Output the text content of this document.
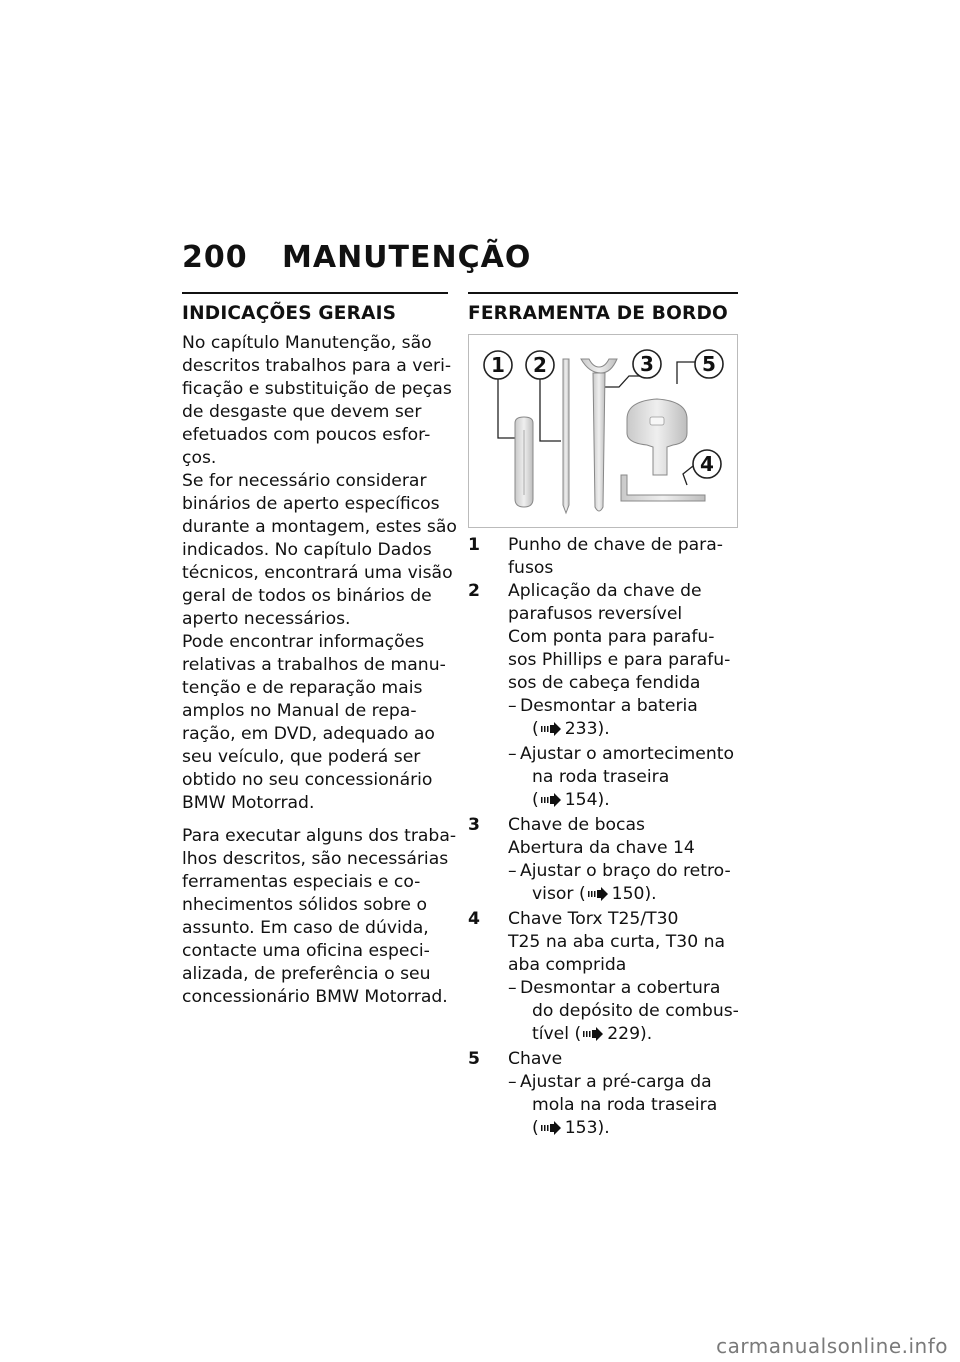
200 MANUTENÇÃO
INDICAÇÕES GERAIS

No capítulo Manutenção, são
descritos trabalhos para a veri-
ficação e substituição de peças
de desgaste que devem ser
efetuados com poucos esfor-
ços.

Se for necessário considerar
binários de aperto específicos
durante a montagem, estes são
indicados. No capítulo Dados
técnicos, encontrará uma visão
geral de todos os binários de
aperto necessários.

Pode encontrar informações
relativas a trabalhos de manu-
tenção e de reparação mais
amplos no Manual de repa-
ração, em DVD, adequado ao
seu veículo, que poderá ser
obtido no seu concessionário
BMW Motorrad.

Para executar alguns dos traba-
lhos descritos, são necessárias
ferramentas especiais e co-
nhecimentos sólidos sobre o
assunto. Em caso de dúvida,
contacte uma oficina especi-
alizada, de preferência o seu
concessionário BMW Motorrad.

FERRAMENTA DE BORDO
1 2	3 5
4
1 Punho de chave de para-
fusos
2 Aplicação da chave de
parafusos reversível
Com ponta para parafu-
sos Phillips e para parafu-
sos de cabeça fendida
– Desmontar a bateria
( 233).
– Ajustar o amortecimento
na roda traseira
( 154).
3 Chave de bocas
Abertura da chave 14
– Ajustar o braço do retro-
visor ( 150).
4 Chave Torx T25/T30
T25 na aba curta, T30 na
aba comprida
– Desmontar a cobertura
do depósito de combus-
tível ( 229).
5 Chave
– Ajustar a pré-carga da
mola na roda traseira
( 153).
carmanualsonline.info
